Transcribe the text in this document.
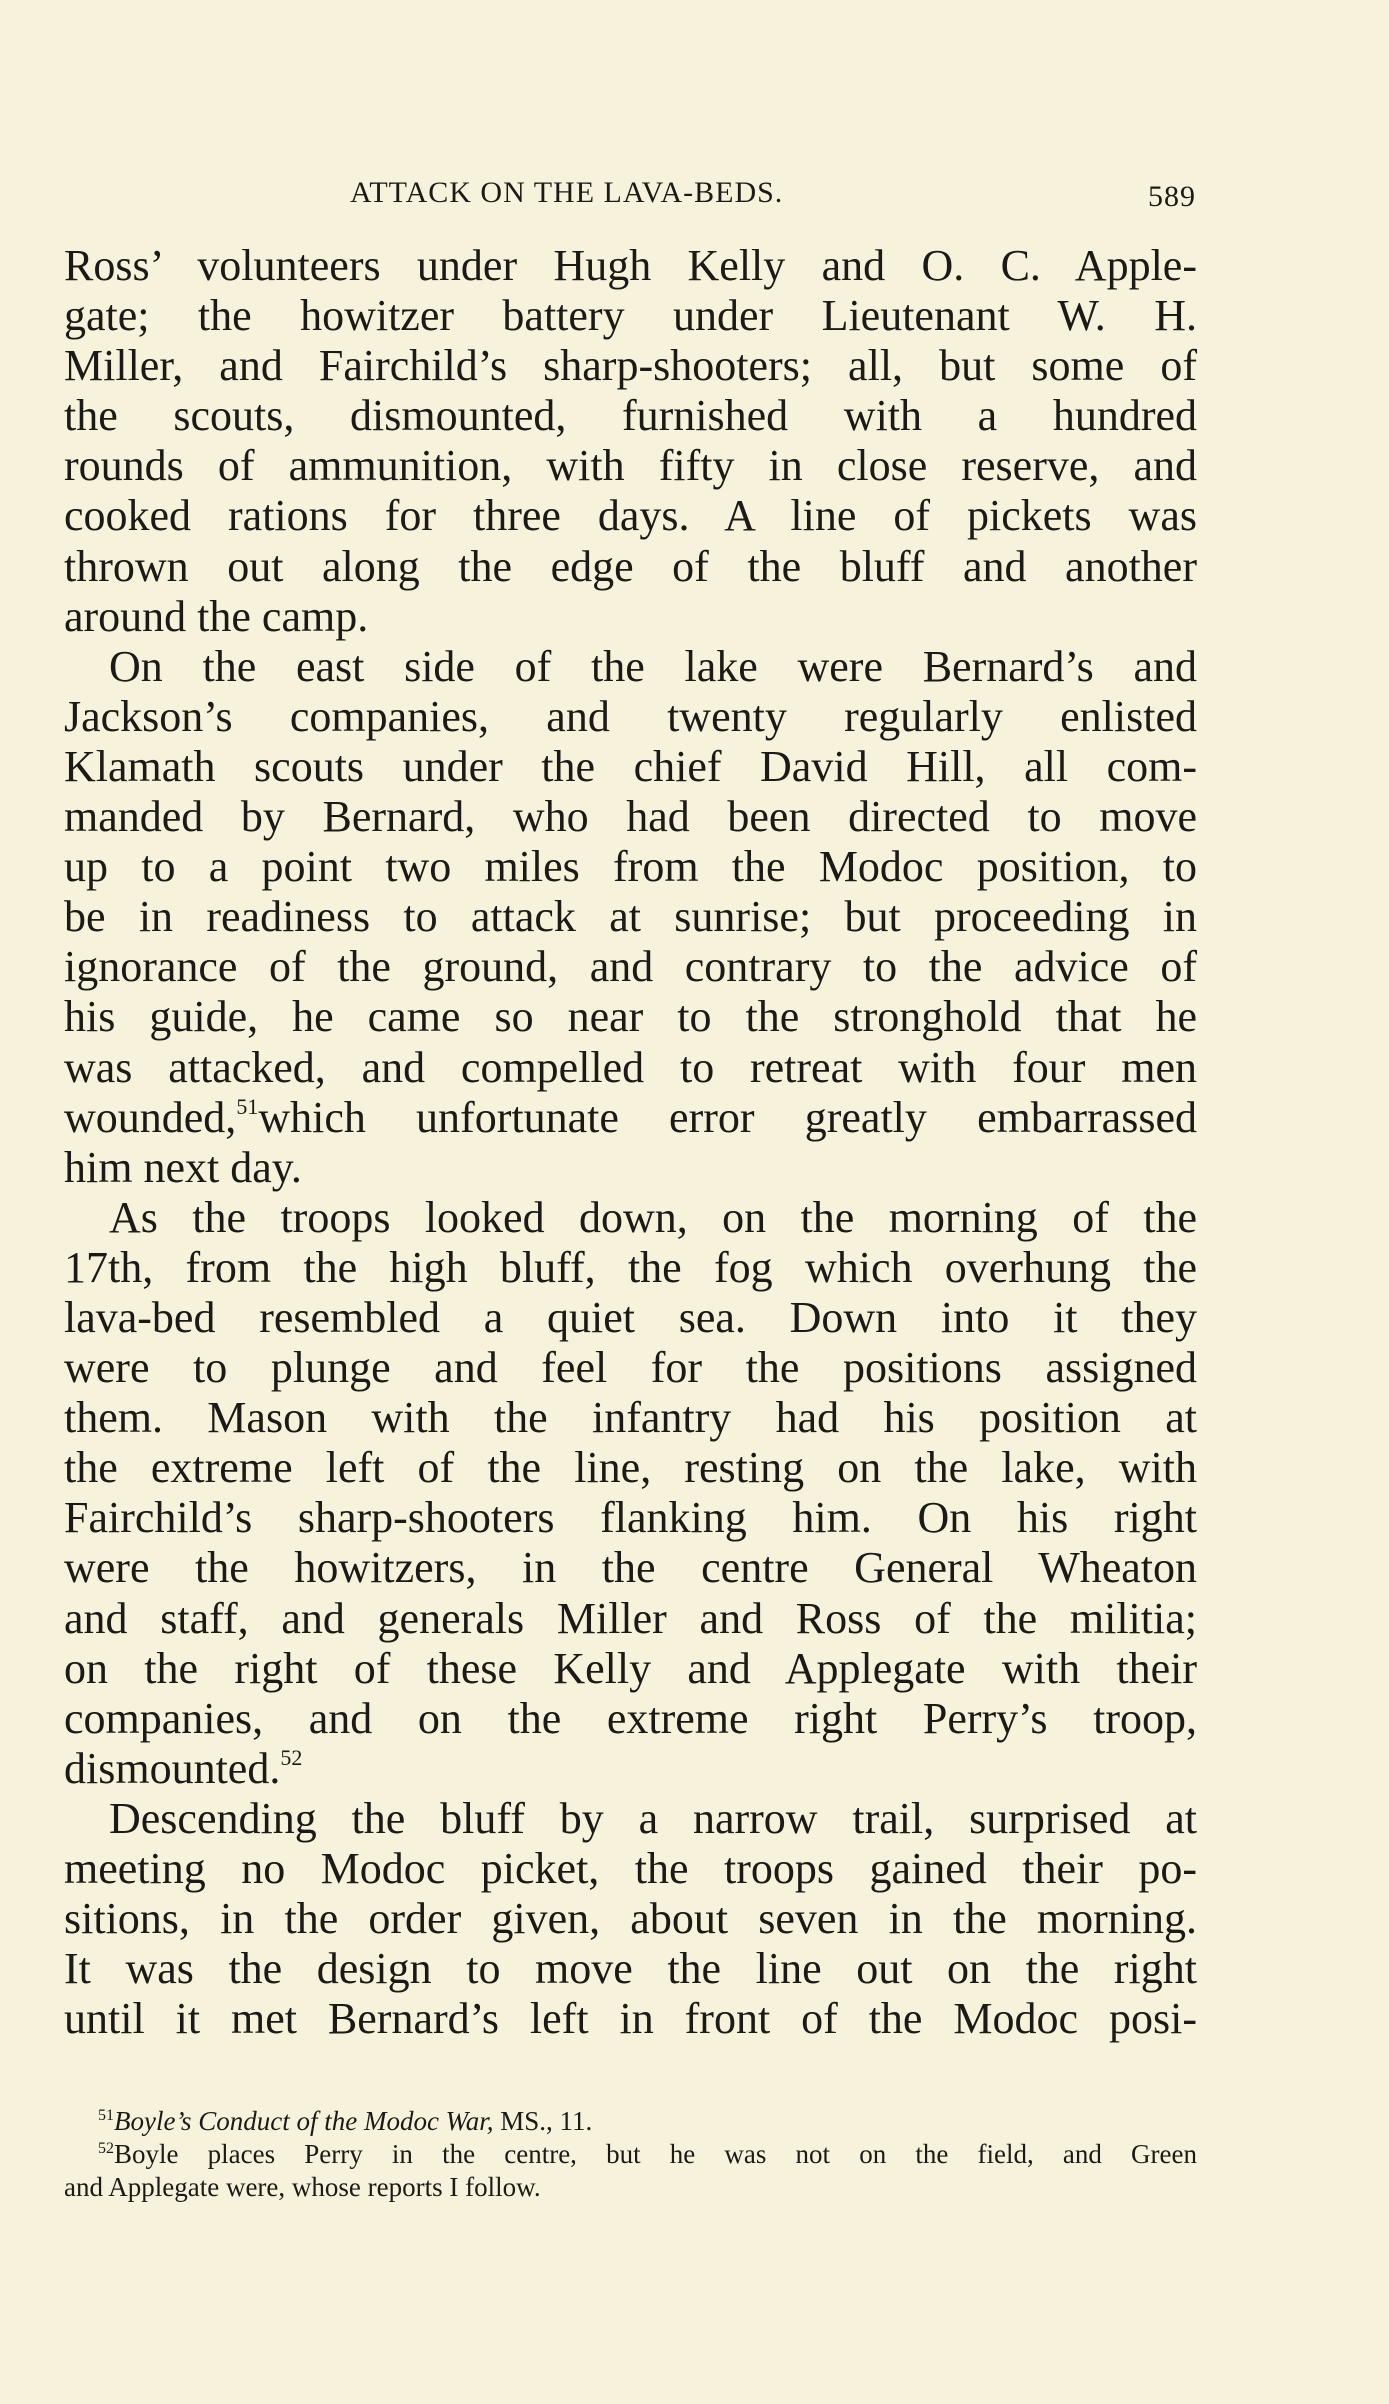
ATTACK ON THE LAVA-BEDS.	589

Ross’ volunteers under Hugh Kelly and O. C. Apple-
gate; the howitzer battery under Lieutenant W. H.
Miller, and Fairchild’s sharp-shooters; all, but some of
the scouts, dismounted, furnished with a hundred
rounds of ammunition, with fifty in close reserve, and
cooked rations for three days. A line of pickets was
thrown out along the edge of the bluff and another
around the camp.

On the east side of the lake were Bernard’s and
Jackson’s companies, and twenty regularly enlisted
Klamath scouts under the chief David Hill, all com-
manded by Bernard, who had been directed to move
up to a point two miles from the Modoc position, to
be in readiness to attack at sunrise; but proceeding in
ignorance of the ground, and contrary to the advice of
his guide, he came so near to the stronghold that he
was attacked, and compelled to retreat with four men
wounded,$^{51}$which unfortunate error greatly embarrassed
him next day.

As the troops looked down, on the morning of the
17th, from the high bluff, the fog which overhung the
lava-bed resembled a quiet sea. Down into it they
were to plunge and feel for the positions assigned
them. Mason with the infantry had his position at
the extreme left of the line, resting on the lake, with
Fairchild’s sharp-shooters flanking him. On his right
were the howitzers, in the centre General Wheaton
and staff, and generals Miller and Ross of the militia;
on the right of these Kelly and Applegate with their
companies, and on the extreme right Perry’s troop,
dismounted.$^{52}$

Descending the bluff by a narrow trail, surprised at
meeting no Modoc picket, the troops gained their po-
sitions, in the order given, about seven in the morning.
It was the design to move the line out on the right
until it met Bernard’s left in front of the Modoc posi-

$^{51}$Boyle’s Conduct of the Modoc War, MS., 11.
$^{52}$Boyle places Perry in the centre, but he was not on the field, and Green
and Applegate were, whose reports I follow.
